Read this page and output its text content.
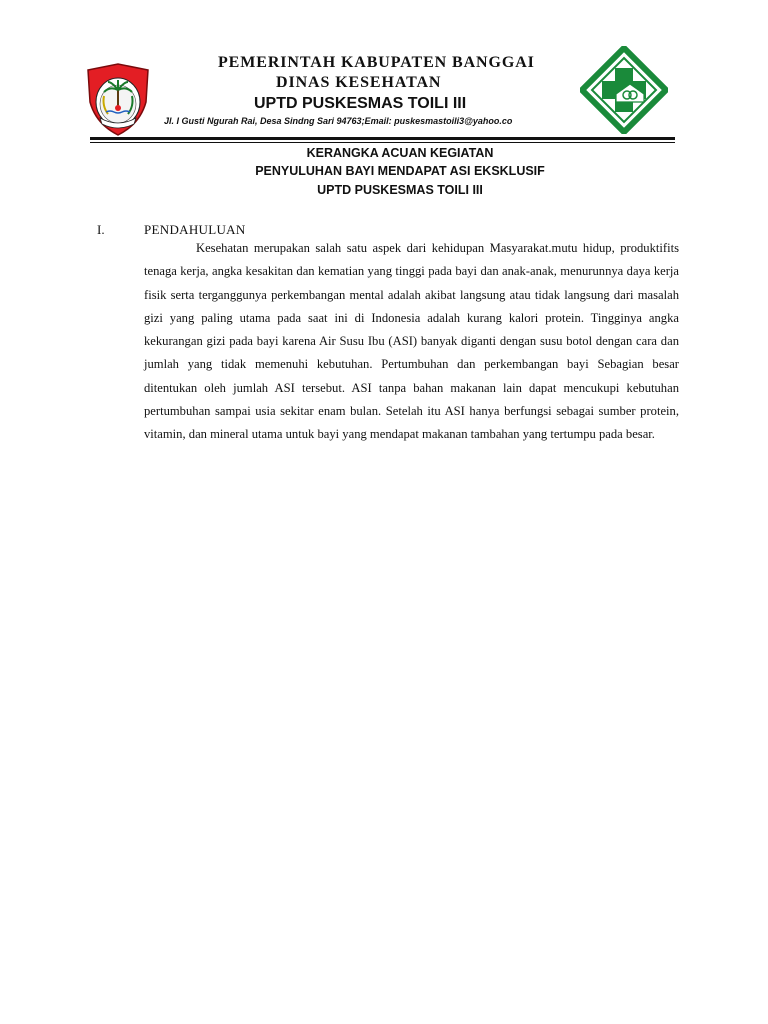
PEMERINTAH KABUPATEN BANGGAI
DINAS KESEHATAN
UPTD PUSKESMAS TOILI III
Jl. I Gusti Ngurah Rai, Desa Sindng Sari 94763;Email: puskesmastoili3@yahoo.co
KERANGKA ACUAN KEGIATAN
PENYULUHAN BAYI MENDAPAT ASI EKSKLUSIF
UPTD PUSKESMAS TOILI III
I.	PENDAHULUAN
Kesehatan merupakan salah satu aspek dari kehidupan Masyarakat.mutu hidup, produktifits tenaga kerja, angka kesakitan dan kematian yang tinggi pada bayi dan anak-anak, menurunnya daya kerja fisik serta terganggunya perkembangan mental adalah akibat langsung atau tidak langsung dari masalah gizi yang paling utama pada saat ini di Indonesia adalah kurang kalori protein. Tingginya angka kekurangan gizi pada bayi karena Air Susu Ibu (ASI) banyak diganti dengan susu botol dengan cara dan jumlah yang tidak memenuhi kebutuhan. Pertumbuhan dan perkembangan bayi Sebagian besar ditentukan oleh jumlah ASI tersebut. ASI tanpa bahan makanan lain dapat mencukupi kebutuhan pertumbuhan sampai usia sekitar enam bulan. Setelah itu ASI hanya berfungsi sebagai sumber protein, vitamin, dan mineral utama untuk bayi yang mendapat makanan tambahan yang tertumpu pada besar.
